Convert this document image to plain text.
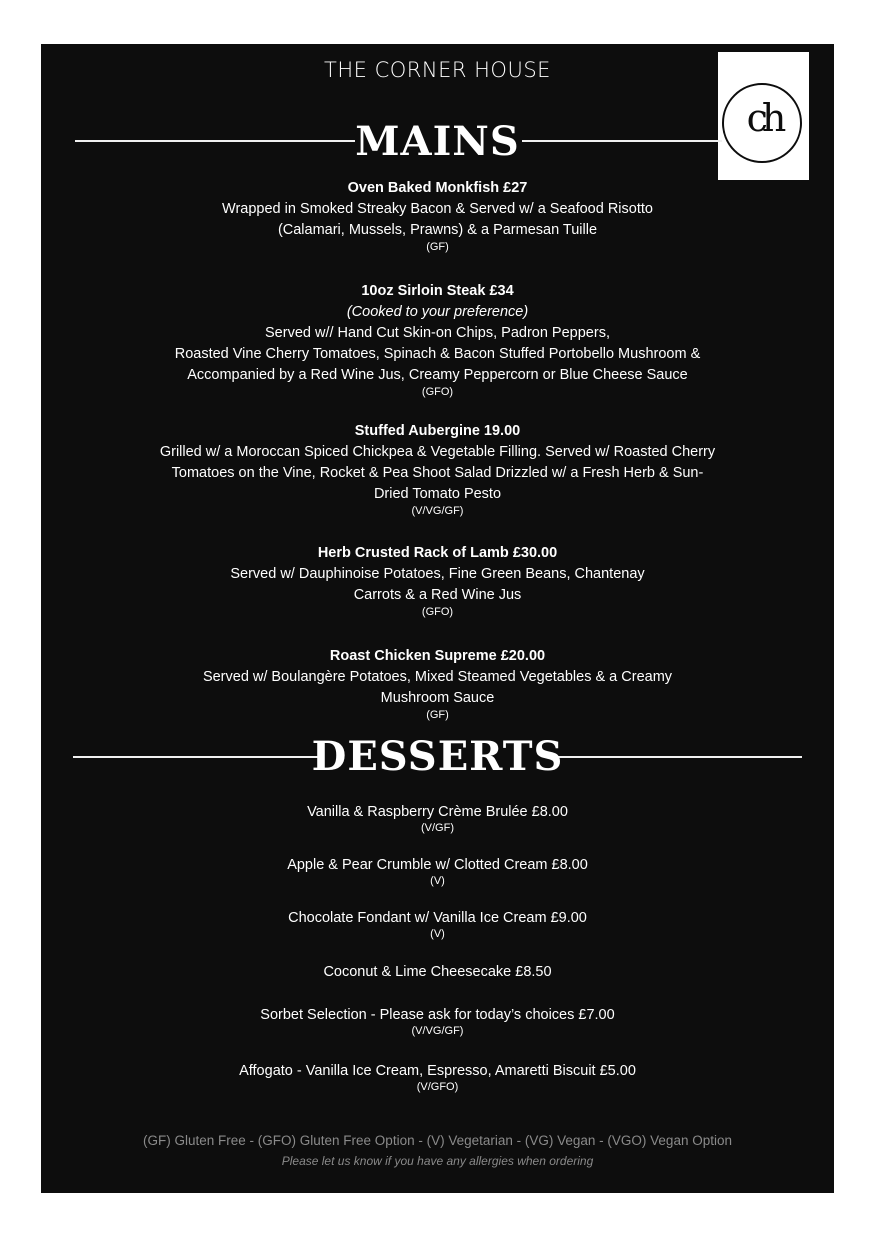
THE CORNER HOUSE
ch
MAINS
Oven Baked Monkfish £27
Wrapped in Smoked Streaky Bacon & Served w/ a Seafood Risotto
(Calamari, Mussels, Prawns) & a Parmesan Tuille
(GF)
10oz Sirloin Steak £34
(Cooked to your preference)
Served w// Hand Cut Skin-on Chips, Padron Peppers,
Roasted Vine Cherry Tomatoes, Spinach & Bacon Stuffed Portobello Mushroom &
Accompanied by a Red Wine Jus, Creamy Peppercorn or Blue Cheese Sauce
(GFO)
Stuffed Aubergine 19.00
Grilled w/ a Moroccan Spiced Chickpea & Vegetable Filling. Served w/ Roasted Cherry
Tomatoes on the Vine, Rocket & Pea Shoot Salad Drizzled w/ a Fresh Herb & Sun-
Dried Tomato Pesto
(V/VG/GF)
Herb Crusted Rack of Lamb £30.00
Served w/ Dauphinoise Potatoes, Fine Green Beans, Chantenay
Carrots & a Red Wine Jus
(GFO)
Roast Chicken Supreme £20.00
Served w/ Boulangère Potatoes, Mixed Steamed Vegetables & a Creamy
Mushroom Sauce
(GF)
DESSERTS
Vanilla & Raspberry Crème Brulée £8.00
(V/GF)
Apple & Pear Crumble w/ Clotted Cream £8.00
(V)
Chocolate Fondant w/ Vanilla Ice Cream £9.00
(V)
Coconut & Lime Cheesecake £8.50
Sorbet Selection - Please ask for today’s choices £7.00
(V/VG/GF)
Affogato - Vanilla Ice Cream, Espresso, Amaretti Biscuit £5.00
(V/GFO)
(GF) Gluten Free - (GFO) Gluten Free Option - (V) Vegetarian - (VG) Vegan - (VGO) Vegan Option
Please let us know if you have any allergies when ordering
